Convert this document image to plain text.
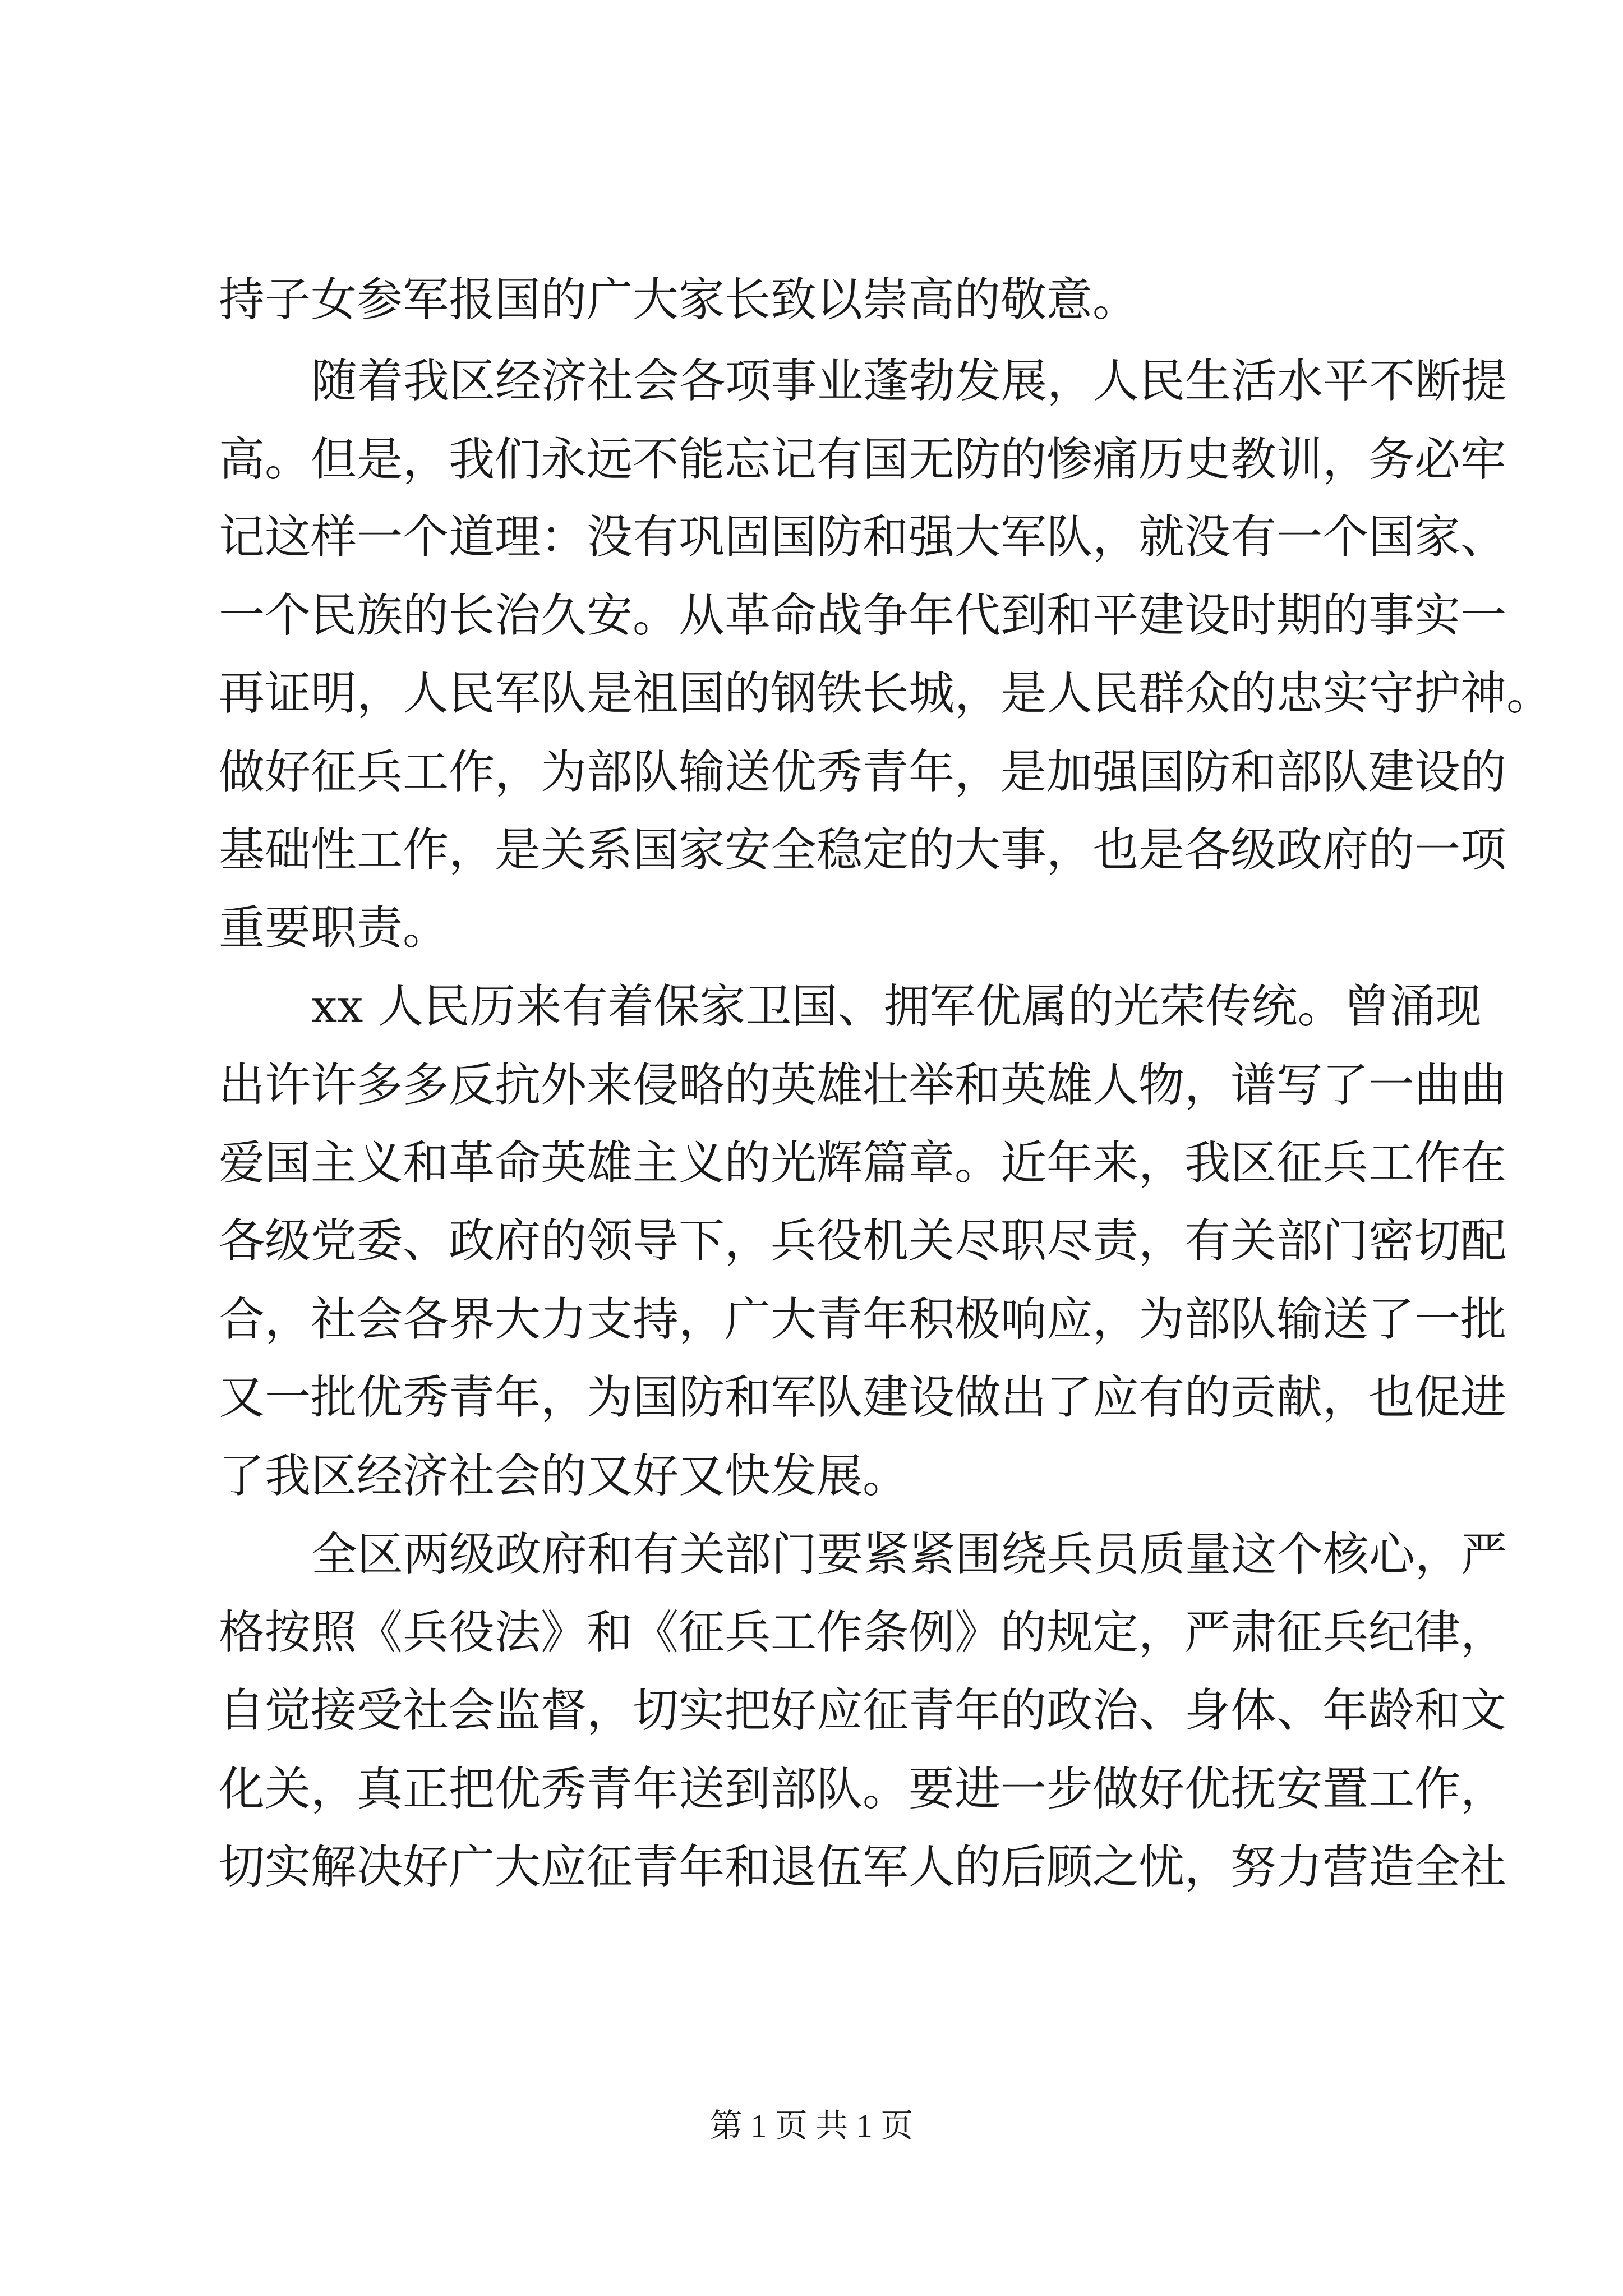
持子女参军报国的广大家长致以崇高的敬意。
随着我区经济社会各项事业蓬勃发展，人民生活水平不断提
高。但是，我们永远不能忘记有国无防的惨痛历史教训，务必牢
记这样一个道理：没有巩固国防和强大军队，就没有一个国家、
一个民族的长治久安。从革命战争年代到和平建设时期的事实一
再证明，人民军队是祖国的钢铁长城，是人民群众的忠实守护神。
做好征兵工作，为部队输送优秀青年，是加强国防和部队建设的
基础性工作，是关系国家安全稳定的大事，也是各级政府的一项
重要职责。
xx 人民历来有着保家卫国、拥军优属的光荣传统。曾涌现
出许许多多反抗外来侵略的英雄壮举和英雄人物，谱写了一曲曲
爱国主义和革命英雄主义的光辉篇章。近年来，我区征兵工作在
各级党委、政府的领导下，兵役机关尽职尽责，有关部门密切配
合，社会各界大力支持，广大青年积极响应，为部队输送了一批
又一批优秀青年，为国防和军队建设做出了应有的贡献，也促进
了我区经济社会的又好又快发展。
全区两级政府和有关部门要紧紧围绕兵员质量这个核心，严
格按照《兵役法》和《征兵工作条例》的规定，严肃征兵纪律，
自觉接受社会监督，切实把好应征青年的政治、身体、年龄和文
化关，真正把优秀青年送到部队。要进一步做好优抚安置工作，
切实解决好广大应征青年和退伍军人的后顾之忧，努力营造全社
第 1 页 共 1 页
